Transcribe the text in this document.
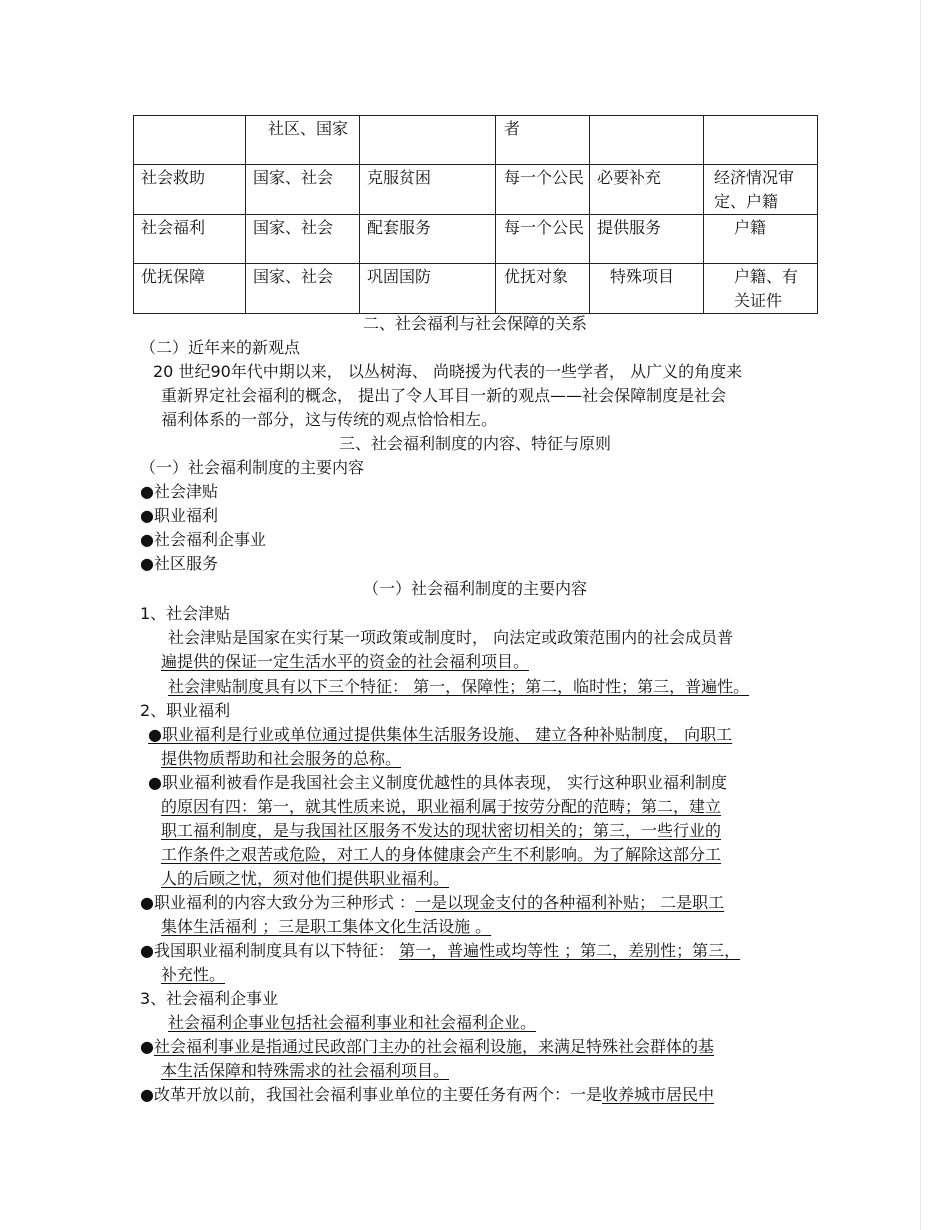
	社区、国家		者		
社会救助	国家、社会	克服贫困	每一个公民	必要补充	经济情况审定、户籍
社会福利	国家、社会	配套服务	每一个公民	提供服务	户籍
优抚保障	国家、社会	巩固国防	优抚对象	特殊项目	户籍、有关证件
二、社会福利与社会保障的关系
（二）近年来的新观点
20 世纪90年代中期以来， 以丛树海、 尚晓援为代表的一些学者， 从广义的角度来
重新界定社会福利的概念， 提出了令人耳目一新的观点——社会保障制度是社会
福利体系的一部分，这与传统的观点恰恰相左。
三、社会福利制度的内容、特征与原则
（一）社会福利制度的主要内容
●社会津贴
●职业福利
●社会福利企事业
●社区服务
（一）社会福利制度的主要内容
1、社会津贴
社会津贴是国家在实行某一项政策或制度时， 向法定或政策范围内的社会成员普
遍提供的保证一定生活水平的资金的社会福利项目。
社会津贴制度具有以下三个特征： 第一，保障性；第二，临时性；第三，普遍性。
2、职业福利
●职业福利是行业或单位通过提供集体生活服务设施、 建立各种补贴制度， 向职工
提供物质帮助和社会服务的总称。
●职业福利被看作是我国社会主义制度优越性的具体表现， 实行这种职业福利制度
的原因有四：第一，就其性质来说，职业福利属于按劳分配的范畴；第二，建立
职工福利制度，是与我国社区服务不发达的现状密切相关的；第三，一些行业的
工作条件之艰苦或危险，对工人的身体健康会产生不利影响。为了解除这部分工
人的后顾之忧，须对他们提供职业福利。
●职业福利的内容大致分为三种形式 ：一是以现金支付的各种福利补贴； 二是职工
集体生活福利 ；三是职工集体文化生活设施 。
●我国职业福利制度具有以下特征： 第一，普遍性或均等性 ；第二，差别性；第三，
补充性。
3、社会福利企事业
社会福利企事业包括社会福利事业和社会福利企业。
●社会福利事业是指通过民政部门主办的社会福利设施，来满足特殊社会群体的基
本生活保障和特殊需求的社会福利项目。
●改革开放以前，我国社会福利事业单位的主要任务有两个：一是收养城市居民中
